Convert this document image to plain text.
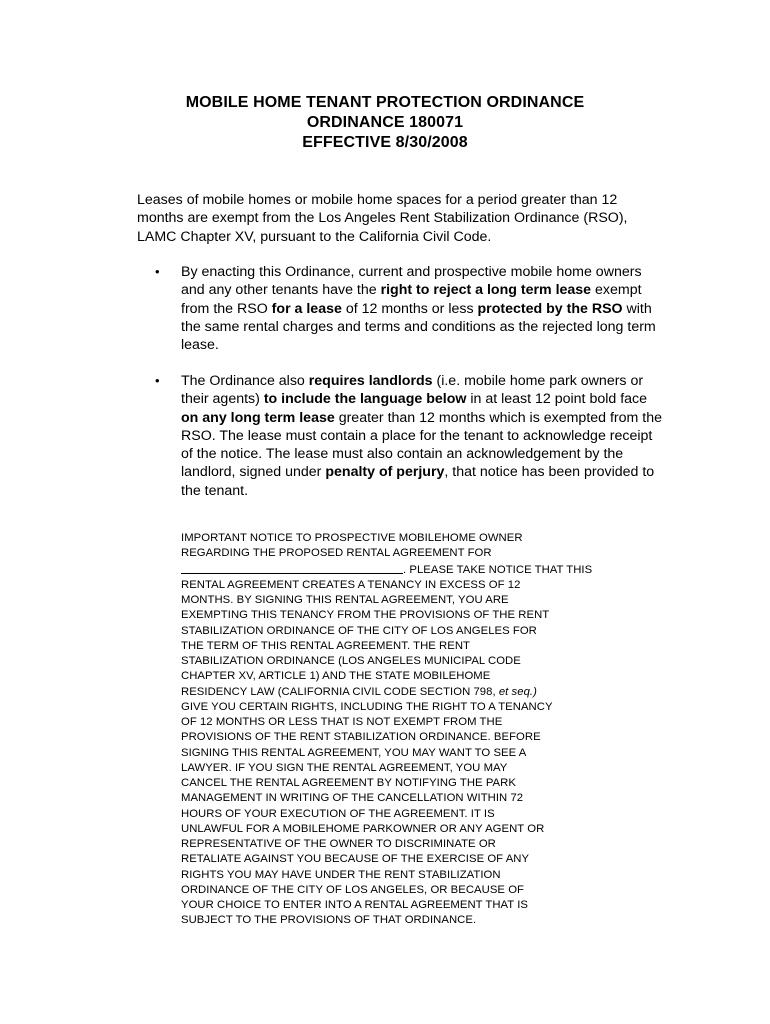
MOBILE HOME TENANT PROTECTION ORDINANCE
ORDINANCE 180071
EFFECTIVE 8/30/2008
Leases of mobile homes or mobile home spaces for a period greater than 12 months are exempt from the Los Angeles Rent Stabilization Ordinance (RSO), LAMC Chapter XV, pursuant to the California Civil Code.
• By enacting this Ordinance, current and prospective mobile home owners and any other tenants have the right to reject a long term lease exempt from the RSO for a lease of 12 months or less protected by the RSO with the same rental charges and terms and conditions as the rejected long term lease.
• The Ordinance also requires landlords (i.e. mobile home park owners or their agents) to include the language below in at least 12 point bold face on any long term lease greater than 12 months which is exempted from the RSO. The lease must contain a place for the tenant to acknowledge receipt of the notice. The lease must also contain an acknowledgement by the landlord, signed under penalty of perjury, that notice has been provided to the tenant.
IMPORTANT NOTICE TO PROSPECTIVE MOBILEHOME OWNER
REGARDING THE PROPOSED RENTAL AGREEMENT FOR
. PLEASE TAKE NOTICE THAT THIS
RENTAL AGREEMENT CREATES A TENANCY IN EXCESS OF 12
MONTHS. BY SIGNING THIS RENTAL AGREEMENT, YOU ARE
EXEMPTING THIS TENANCY FROM THE PROVISIONS OF THE RENT
STABILIZATION ORDINANCE OF THE CITY OF LOS ANGELES FOR
THE TERM OF THIS RENTAL AGREEMENT. THE RENT
STABILIZATION ORDINANCE (LOS ANGELES MUNICIPAL CODE
CHAPTER XV, ARTICLE 1) AND THE STATE MOBILEHOME
RESIDENCY LAW (CALIFORNIA CIVIL CODE SECTION 798, et seq.)
GIVE YOU CERTAIN RIGHTS, INCLUDING THE RIGHT TO A TENANCY
OF 12 MONTHS OR LESS THAT IS NOT EXEMPT FROM THE
PROVISIONS OF THE RENT STABILIZATION ORDINANCE. BEFORE
SIGNING THIS RENTAL AGREEMENT, YOU MAY WANT TO SEE A
LAWYER. IF YOU SIGN THE RENTAL AGREEMENT, YOU MAY
CANCEL THE RENTAL AGREEMENT BY NOTIFYING THE PARK
MANAGEMENT IN WRITING OF THE CANCELLATION WITHIN 72
HOURS OF YOUR EXECUTION OF THE AGREEMENT. IT IS
UNLAWFUL FOR A MOBILEHOME PARKOWNER OR ANY AGENT OR
REPRESENTATIVE OF THE OWNER TO DISCRIMINATE OR
RETALIATE AGAINST YOU BECAUSE OF THE EXERCISE OF ANY
RIGHTS YOU MAY HAVE UNDER THE RENT STABILIZATION
ORDINANCE OF THE CITY OF LOS ANGELES, OR BECAUSE OF
YOUR CHOICE TO ENTER INTO A RENTAL AGREEMENT THAT IS
SUBJECT TO THE PROVISIONS OF THAT ORDINANCE.
